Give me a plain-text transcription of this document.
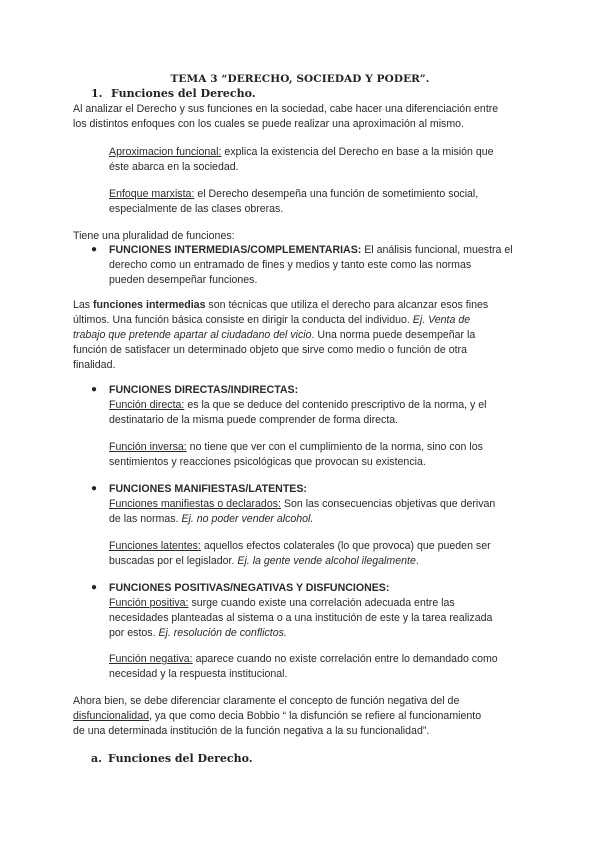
TEMA 3 “DERECHO, SOCIEDAD Y PODER”.
1. Funciones del Derecho.
Al analizar el Derecho y sus funciones en la sociedad, cabe hacer una diferenciación entre
los distintos enfoques con los cuales se puede realizar una aproximación al mismo.
Aproximacion funcional: explica la existencia del Derecho en base a la misión que
éste abarca en la sociedad.
Enfoque marxista: el Derecho desempeña una función de sometimiento social,
especialmente de las clases obreras.
Tiene una pluralidad de funciones:
● FUNCIONES INTERMEDIAS/COMPLEMENTARIAS: El análisis funcional, muestra el
derecho como un entramado de fines y medios y tanto este como las normas
pueden desempeñar funciones.
Las funciones intermedias son técnicas que utiliza el derecho para alcanzar esos fines
últimos. Una función básica consiste en dirigir la conducta del individuo. Ej. Venta de
trabajo que pretende apartar al ciudadano del vicio. Una norma puede desempeñar la
función de satisfacer un determinado objeto que sirve como medio o función de otra
finalidad.
● FUNCIONES DIRECTAS/INDIRECTAS:
Función directa: es la que se deduce del contenido prescriptivo de la norma, y el
destinatario de la misma puede comprender de forma directa.
Función inversa: no tiene que ver con el cumplimiento de la norma, sino con los
sentimientos y reacciones psicológicas que provocan su existencia.
● FUNCIONES MANIFIESTAS/LATENTES:
Funciones manifiestas o declarados: Son las consecuencias objetivas que derivan
de las normas. Ej. no poder vender alcohol.
Funciones latentes: aquellos efectos colaterales (lo que provoca) que pueden ser
buscadas por el legislador. Ej. la gente vende alcohol ilegalmente.
● FUNCIONES POSITIVAS/NEGATIVAS Y DISFUNCIONES:
Función positiva: surge cuando existe una correlación adecuada entre las
necesidades planteadas al sistema o a una institución de este y la tarea realizada
por estos. Ej. resolución de conflictos.
Función negativa: aparece cuando no existe correlación entre lo demandado como
necesidad y la respuesta institucional.
Ahora bien, se debe diferenciar claramente el concepto de función negativa del de
disfuncionalidad, ya que como decia Bobbio “ la disfunción se refiere al funcionamiento
de una determinada institución de la función negativa a la su funcionalidad”.
a. Funciones del Derecho.
